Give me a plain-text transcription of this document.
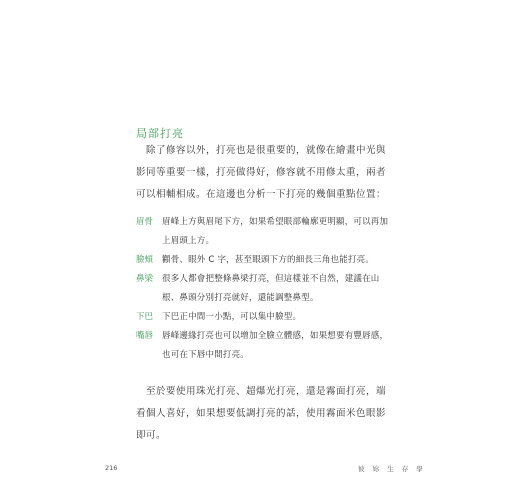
局部打亮

除了修容以外，打亮也是很重要的，就像在繪畫中光與影同等重要一樣，打亮做得好，修容就不用修太重，兩者可以相輔相成。在這邊也分析一下打亮的幾個重點位置：

眉骨	眉峰上方與眉尾下方，如果希望眼部輪廓更明顯，可以再加上眉頭上方。
臉頰	顴骨、眼外 C 字，甚至眼頭下方的細長三角也能打亮。
鼻梁	很多人都會把整條鼻梁打亮，但這樣並不自然，建議在山根、鼻頭分別打亮就好，還能調整鼻型。
下巴	下巴正中間一小點，可以集中臉型。
嘴唇	唇峰邊緣打亮也可以增加全臉立體感，如果想要有豐唇感，也可在下唇中間打亮。

至於要使用珠光打亮、超爆光打亮，還是霧面打亮，端看個人喜好，如果想要低調打亮的話，使用霧面米色眼影即可。

216	彼 妳 生 存 學
